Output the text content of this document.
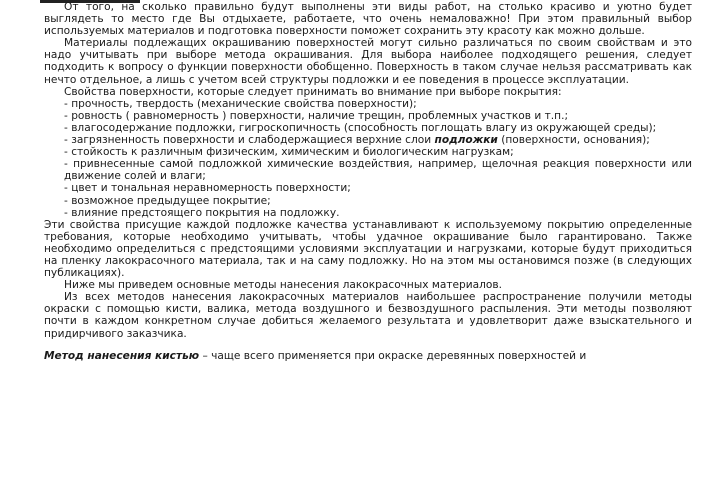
От того, на сколько правильно будут выполнены эти виды работ, на столько красиво и уютно будет выглядеть то место где Вы отдыхаете, работаете, что очень немаловажно! При этом правильный выбор используемых материалов и подготовка поверхности поможет сохранить эту красоту как можно дольше.

Материалы подлежащих окрашиванию поверхностей могут сильно различаться по своим свойствам и это надо учитывать при выборе метода окрашивания. Для выбора наиболее подходящего решения, следует подходить к вопросу о функции поверхности обобщенно. Поверхность в таком случае нельзя рассматривать как нечто отдельное, а лишь с учетом всей структуры подложки и ее поведения в процессе эксплуатации.

Свойства поверхности, которые следует принимать во внимание при выборе покрытия:

- прочность, твердость (механические свойства поверхности);

- ровность ( равномерность ) поверхности, наличие трещин, проблемных участков и т.п.;

- влагосодержание подложки, гигроскопичность (способность поглощать влагу из окружающей среды);

- загрязненность поверхности и слабодержащиеся верхние слои подложки (поверхности, основания);

- стойкость к различным физическим, химическим и биологическим нагрузкам;

- привнесенные самой подложкой химические воздействия, например, щелочная реакция поверхности или движение солей и влаги;

- цвет и тональная неравномерность поверхности;

- возможное предыдущее покрытие;

- влияние предстоящего покрытия на подложку.

Эти свойства присущие каждой подложке качества устанавливают к используемому покрытию определенные требования, которые необходимо учитывать, чтобы удачное окрашивание было гарантировано. Также необходимо определиться с предстоящими условиями эксплуатации и нагрузками, которые будут приходиться на пленку лакокрасочного материала, так и на саму подложку. Но на этом мы остановимся позже (в следующих публикациях).

Ниже мы приведем основные методы нанесения лакокрасочных материалов.

Из всех методов нанесения лакокрасочных материалов наибольшее распространение получили методы окраски с помощью кисти, валика, метода воздушного и безвоздушного распыления. Эти методы позволяют почти в каждом конкретном случае добиться желаемого результата и удовлетворит даже взыскательного и придирчивого заказчика.

Метод нанесения кистью – чаще всего применяется при окраске деревянных поверхностей и
